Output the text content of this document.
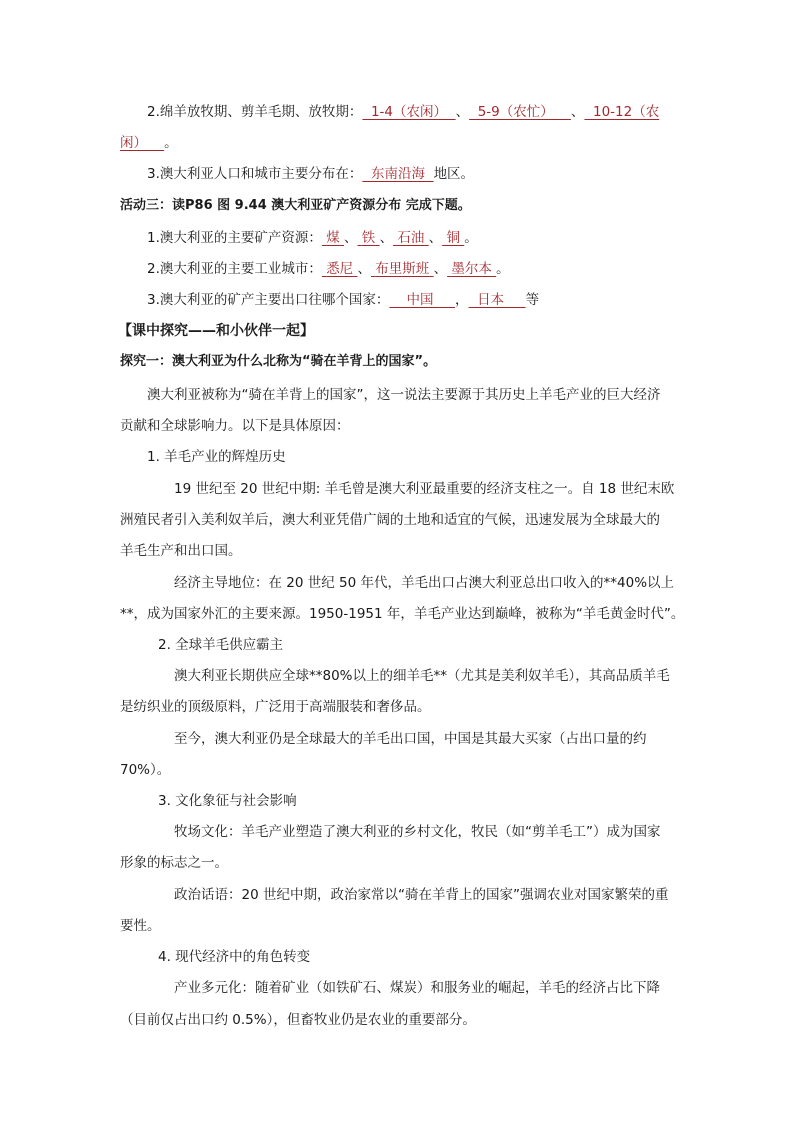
2.绵羊放牧期、剪羊毛期、放牧期：  1-4（农闲）  、  5-9（农忙）    、  10-12（农
闲）    。
3.澳大利亚人口和城市主要分布在：  东南沿海  地区。
活动三：读P86 图 9.44 澳大利亚矿产资源分布 完成下题。
1.澳大利亚的主要矿产资源： 煤 、 铁 、 石油 、 铜 。
2.澳大利亚的主要工业城市： 悉尼 、 布里斯班 、 墨尔本 。
3.澳大利亚的矿产主要出口往哪个国家：    中国     ，  日本     等
【课中探究——和小伙伴一起】
探究一：澳大利亚为什么北称为“骑在羊背上的国家”。
澳大利亚被称为“骑在羊背上的国家”，这一说法主要源于其历史上羊毛产业的巨大经济
贡献和全球影响力。以下是具体原因：
1. 羊毛产业的辉煌历史
19 世纪至 20 世纪中期: 羊毛曾是澳大利亚最重要的经济支柱之一。自 18 世纪末欧
洲殖民者引入美利奴羊后，澳大利亚凭借广阔的土地和适宜的气候，迅速发展为全球最大的
羊毛生产和出口国。
经济主导地位：在 20 世纪 50 年代，羊毛出口占澳大利亚总出口收入的**40%以上
**，成为国家外汇的主要来源。1950-1951 年，羊毛产业达到巅峰，被称为“羊毛黄金时代”。
2. 全球羊毛供应霸主
澳大利亚长期供应全球**80%以上的细羊毛**（尤其是美利奴羊毛），其高品质羊毛
是纺织业的顶级原料，广泛用于高端服装和奢侈品。
至今，澳大利亚仍是全球最大的羊毛出口国，中国是其最大买家（占出口量的约
70%）。
3. 文化象征与社会影响
牧场文化：羊毛产业塑造了澳大利亚的乡村文化，牧民（如“剪羊毛工”）成为国家
形象的标志之一。
政治话语：20 世纪中期，政治家常以“骑在羊背上的国家”强调农业对国家繁荣的重
要性。
4. 现代经济中的角色转变
产业多元化：随着矿业（如铁矿石、煤炭）和服务业的崛起，羊毛的经济占比下降
（目前仅占出口约 0.5%），但畜牧业仍是农业的重要部分。
